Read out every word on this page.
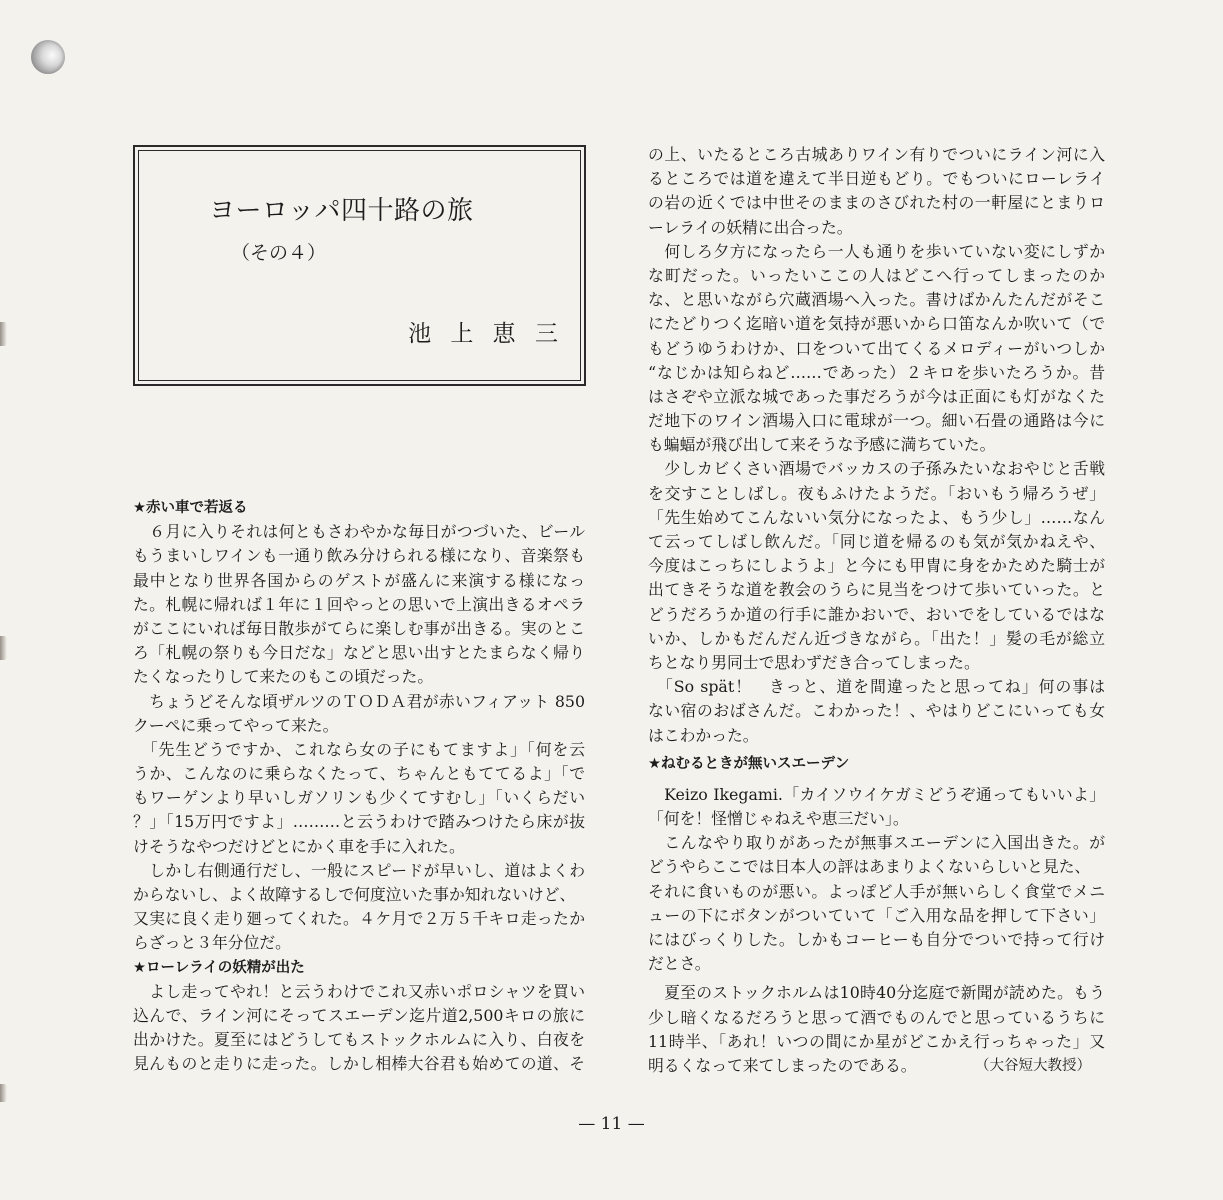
ヨーロッパ四十路の旅
（その４）
池 上 恵 三
★赤い車で若返る
　６月に入りそれは何ともさわやかな毎日がつづいた、ビール
もうまいしワインも一通り飲み分けられる様になり、音楽祭も
最中となり世界各国からのゲストが盛んに来演する様になっ
た。札幌に帰れば１年に１回やっとの思いで上演出きるオペラ
がここにいれば毎日散歩がてらに楽しむ事が出きる。実のとこ
ろ「札幌の祭りも今日だな」などと思い出すとたまらなく帰り
たくなったりして来たのもこの頃だった。
　ちょうどそんな頃ザルツのＴＯＤＡ君が赤いフィアット 850
クーペに乗ってやって来た。
　「先生どうですか、これなら女の子にもてますよ」「何を云
うか、こんなのに乗らなくたって、ちゃんともててるよ」「で
もワーゲンより早いしガソリンも少くてすむし」「いくらだい
？」「15万円ですよ」………と云うわけで踏みつけたら床が抜
けそうなやつだけどとにかく車を手に入れた。
　しかし右側通行だし、一般にスピードが早いし、道はよくわ
からないし、よく故障するしで何度泣いた事か知れないけど、
又実に良く走り廻ってくれた。４ケ月で２万５千キロ走ったか
らざっと３年分位だ。
★ローレライの妖精が出た
　よし走ってやれ！と云うわけでこれ又赤いポロシャツを買い
込んで、ライン河にそってスエーデン迄片道2,500キロの旅に
出かけた。夏至にはどうしてもストックホルムに入り、白夜を
見んものと走りに走った。しかし相棒大谷君も始めての道、そ
の上、いたるところ古城ありワイン有りでついにライン河に入
るところでは道を違えて半日逆もどり。でもついにローレライ
の岩の近くでは中世そのままのさびれた村の一軒屋にとまりロ
ーレライの妖精に出合った。
　何しろ夕方になったら一人も通りを歩いていない変にしずか
な町だった。いったいここの人はどこへ行ってしまったのか
な、と思いながら穴蔵酒場へ入った。書けばかんたんだがそこ
にたどりつく迄暗い道を気持が悪いから口笛なんか吹いて（で
もどうゆうわけか、口をついて出てくるメロディーがいつしか
“なじかは知らねど……であった）２キロを歩いたろうか。昔
はさぞや立派な城であった事だろうが今は正面にも灯がなくた
だ地下のワイン酒場入口に電球が一つ。細い石畳の通路は今に
も蝙蝠が飛び出して来そうな予感に満ちていた。
　少しカビくさい酒場でバッカスの子孫みたいなおやじと舌戦
を交すことしばし。夜もふけたようだ。「おいもう帰ろうぜ」
「先生始めてこんないい気分になったよ、もう少し」……なん
て云ってしばし飲んだ。「同じ道を帰るのも気が気かねえや、
今度はこっちにしようよ」と今にも甲冑に身をかためた騎士が
出てきそうな道を教会のうらに見当をつけて歩いていった。と
どうだろうか道の行手に誰かおいで、おいでをしているではな
いか、しかもだんだん近づきながら。「出た！」髪の毛が総立
ちとなり男同士で思わずだき合ってしまった。
　「So spät！　きっと、道を間違ったと思ってね」何の事は
ない宿のおばさんだ。こわかった！、やはりどこにいっても女
はこわかった。
★ねむるときが無いスエーデン
　Keizo Ikegami.「カイソウイケガミどうぞ通ってもいいよ」
「何を！怪憎じゃねえや恵三だい」。
　こんなやり取りがあったが無事スエーデンに入国出きた。が
どうやらここでは日本人の評はあまりよくないらしいと見た、
それに食いものが悪い。よっぽど人手が無いらしく食堂でメニ
ューの下にボタンがついていて「ご入用な品を押して下さい」
にはびっくりした。しかもコーヒーも自分でついで持って行け
だとさ。
　夏至のストックホルムは10時40分迄庭で新聞が読めた。もう
少し暗くなるだろうと思って酒でものんでと思っているうちに
11時半、「あれ！いつの間にか星がどこかえ行っちゃった」又
明るくなって来てしまったのである。	（大谷短大教授）
— 11 —
